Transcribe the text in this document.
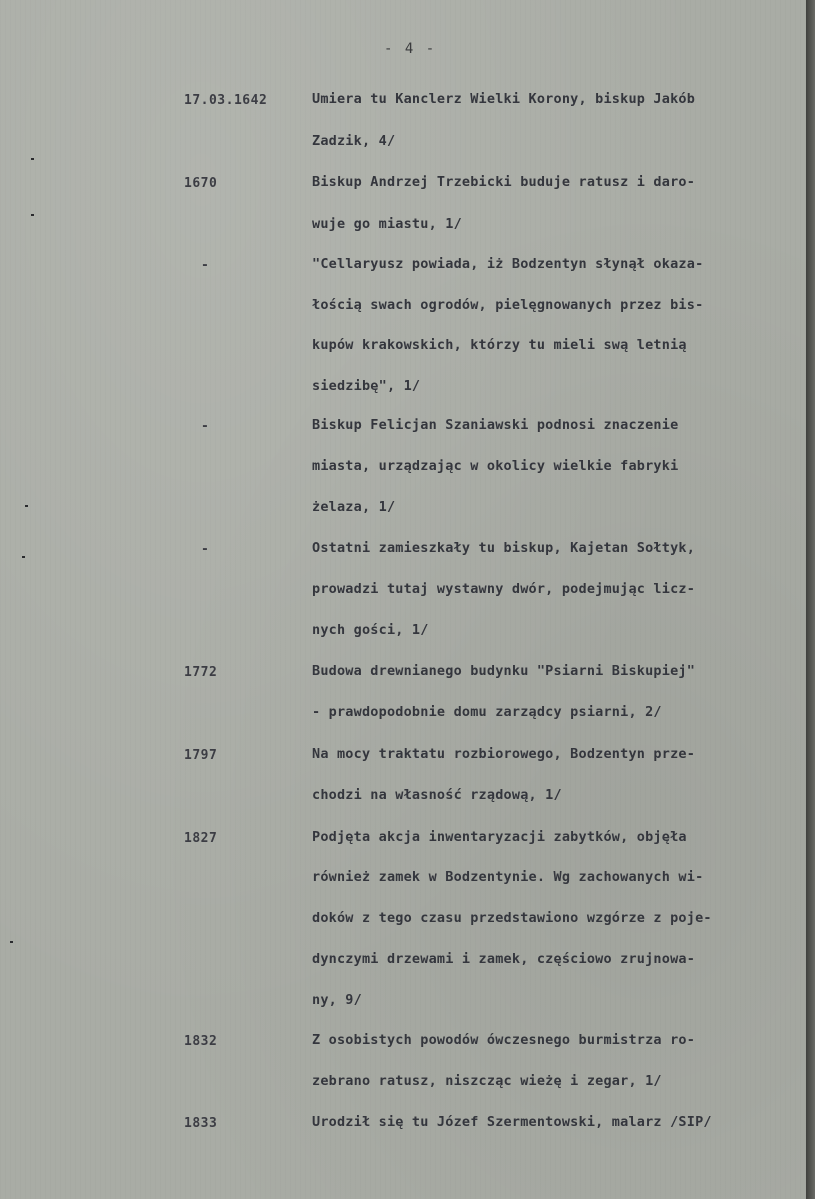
- 4 -
17.03.1642	Umiera tu Kanclerz Wielki Korony, biskup Jakób
Zadzik, 4/
1670	Biskup Andrzej Trzebicki buduje ratusz i daro-
wuje go miastu, 1/
-	"Cellaryusz powiada, iż Bodzentyn słynął okaza-
łością swach ogrodów, pielęgnowanych przez bis-
kupów krakowskich, którzy tu mieli swą letnią
siedzibę", 1/
-	Biskup Felicjan Szaniawski podnosi znaczenie
miasta, urządzając w okolicy wielkie fabryki
żelaza, 1/
-	Ostatni zamieszkały tu biskup, Kajetan Sołtyk,
prowadzi tutaj wystawny dwór, podejmując licz-
nych gości, 1/
1772	Budowa drewnianego budynku "Psiarni Biskupiej"
- prawdopodobnie domu zarządcy psiarni, 2/
1797	Na mocy traktatu rozbiorowego, Bodzentyn prze-
chodzi na własność rządową, 1/
1827	Podjęta akcja inwentaryzacji zabytków, objęła
również zamek w Bodzentynie. Wg zachowanych wi-
doków z tego czasu przedstawiono wzgórze z poje-
dynczymi drzewami i zamek, częściowo zrujnowa-
ny, 9/
1832	Z osobistych powodów ówczesnego burmistrza ro-
zebrano ratusz, niszcząc wieżę i zegar, 1/
1833	Urodził się tu Józef Szermentowski, malarz /SIP/
